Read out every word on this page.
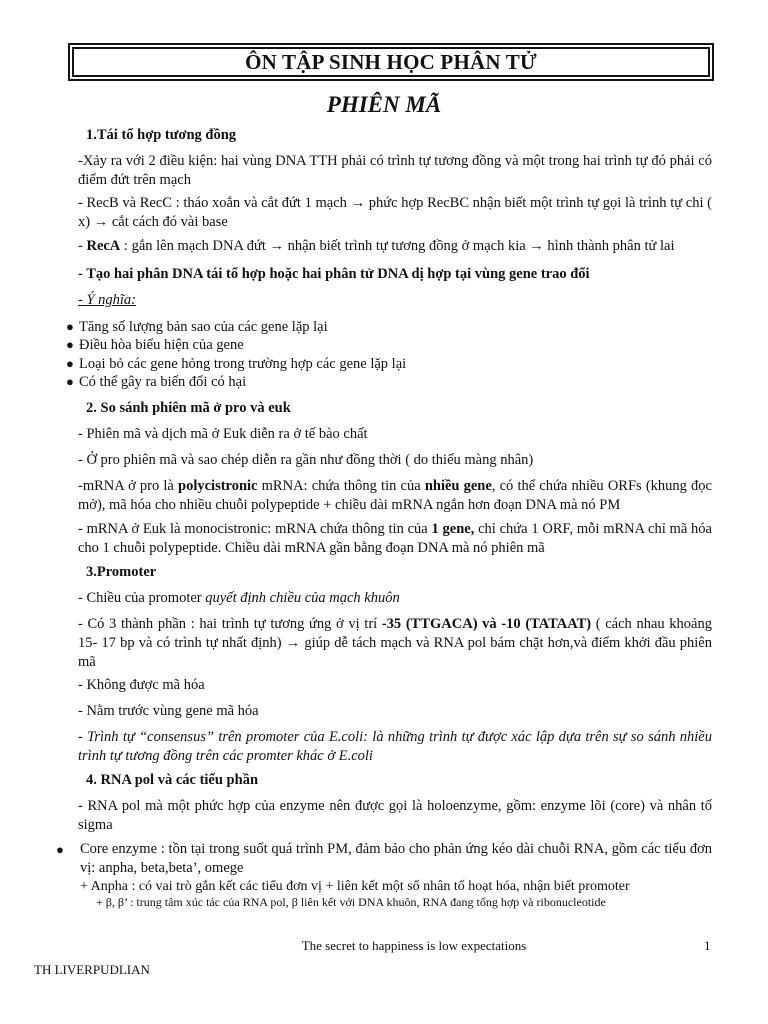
ÔN TẬP SINH HỌC PHÂN TỬ
PHIÊN MÃ
1.Tái tổ hợp tương đồng
-Xảy ra với 2 điều kiện: hai vùng DNA TTH phải có trình tự tương đồng và một trong hai trình tự đó phải có điểm đứt trên mạch
- RecB và RecC : tháo xoắn và cắt đứt 1 mạch → phức hợp RecBC nhận biết một trình tự gọi là trình tự chi ( x) → cắt cách đó vài base
- RecA : gắn lên mạch DNA đứt → nhận biết trình tự tương đồng ở mạch kia → hình thành phân tử lai
- Tạo hai phân DNA tái tổ hợp hoặc hai phân tử DNA dị hợp tại vùng gene trao đổi
- Ý nghĩa:
● Tăng số lượng bản sao của các gene lặp lại
● Điều hòa biểu hiện của gene
● Loại bỏ các gene hỏng trong trường hợp các gene lặp lại
● Có thể gây ra biến đổi có hại
2. So sánh phiên mã ở pro và euk
- Phiên mã và dịch mã ở Euk diễn ra ở tế bào chất
- Ở pro phiên mã và sao chép diễn ra gần như đồng thời ( do thiếu màng nhân)
-mRNA ở pro là polycistronic mRNA: chứa thông tin của nhiều gene, có thể chứa nhiều ORFs (khung đọc mở), mã hóa cho nhiều chuỗi polypeptide + chiều dài mRNA ngắn hơn đoạn DNA mà nó PM
- mRNA ở Euk là monocistronic: mRNA chứa thông tin của 1 gene, chỉ chứa 1 ORF, mỗi mRNA chỉ mã hóa cho 1 chuỗi polypeptide. Chiều dài mRNA gần bằng đoạn DNA mà nó phiên mã
3.Promoter
- Chiều của promoter quyết định chiều của mạch khuôn
- Có 3 thành phần : hai trình tự tương ứng ở vị trí -35 (TTGACA) và -10 (TATAAT) ( cách nhau khoảng 15- 17 bp và có trình tự nhất định) → giúp dễ tách mạch và RNA pol bám chặt hơn,và điểm khởi đầu phiên mã
- Không được mã hóa
- Nằm trước vùng gene mã hóa
- Trình tự “consensus” trên promoter của E.coli: là những trình tự được xác lập dựa trên sự so sánh nhiều trình tự tương đồng trên các promter khác ở E.coli
4. RNA pol và các tiểu phần
- RNA pol mà một phức hợp của enzyme nên được gọi là holoenzyme, gồm: enzyme lõi (core) và nhân tố sigma
● Core enzyme : tồn tại trong suốt quá trình PM, đảm bảo cho phản ứng kéo dài chuỗi RNA, gồm các tiểu đơn vị: anpha, beta,beta’, omege
+ Anpha : có vai trò gắn kết các tiểu đơn vị + liên kết một số nhân tố hoạt hóa, nhận biết promoter
+ β, β’ : trung tâm xúc tác của RNA pol, β liên kết với DNA khuôn, RNA đang tổng hợp và ribonucleotide
The secret to happiness is low expectations	1
TH LIVERPUDLIAN
